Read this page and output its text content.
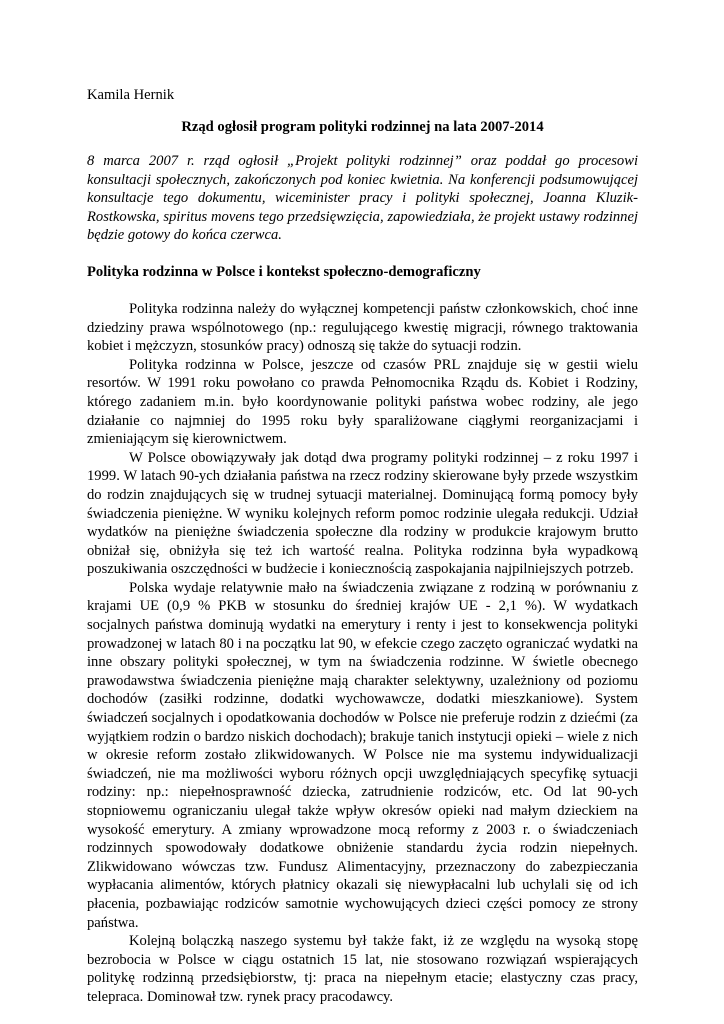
Kamila Hernik

Rząd ogłosił program polityki rodzinnej na lata 2007-2014

8 marca 2007 r. rząd ogłosił „Projekt polityki rodzinnej” oraz poddał go procesowi konsultacji społecznych, zakończonych pod koniec kwietnia. Na konferencji podsumowującej konsultacje tego dokumentu, wiceminister pracy i polityki społecznej, Joanna Kluzik-Rostkowska, spiritus movens tego przedsięwzięcia, zapowiedziała, że projekt ustawy rodzinnej będzie gotowy do końca czerwca.

Polityka rodzinna w Polsce i kontekst społeczno-demograficzny

Polityka rodzinna należy do wyłącznej kompetencji państw członkowskich, choć inne dziedziny prawa wspólnotowego (np.: regulującego kwestię migracji, równego traktowania kobiet i mężczyzn, stosunków pracy) odnoszą się także do sytuacji rodzin.

Polityka rodzinna w Polsce, jeszcze od czasów PRL znajduje się w gestii wielu resortów. W 1991 roku powołano co prawda Pełnomocnika Rządu ds. Kobiet i Rodziny, którego zadaniem m.in. było koordynowanie polityki państwa wobec rodziny, ale jego działanie co najmniej do 1995 roku były sparaliżowane ciągłymi reorganizacjami i zmieniającym się kierownictwem.

W Polsce obowiązywały jak dotąd dwa programy polityki rodzinnej – z roku 1997 i 1999. W latach 90-ych działania państwa na rzecz rodziny skierowane były przede wszystkim do rodzin znajdujących się w trudnej sytuacji materialnej. Dominującą formą pomocy były świadczenia pieniężne. W wyniku kolejnych reform pomoc rodzinie ulegała redukcji. Udział wydatków na pieniężne świadczenia społeczne dla rodziny w produkcie krajowym brutto obniżał się, obniżyła się też ich wartość realna. Polityka rodzinna była wypadkową poszukiwania oszczędności w budżecie i koniecznością zaspokajania najpilniejszych potrzeb.

Polska wydaje relatywnie mało na świadczenia związane z rodziną w porównaniu z krajami UE (0,9 % PKB w stosunku do średniej krajów UE - 2,1 %). W wydatkach socjalnych państwa dominują wydatki na emerytury i renty i jest to konsekwencja polityki prowadzonej w latach 80 i na początku lat 90, w efekcie czego zaczęto ograniczać wydatki na inne obszary polityki społecznej, w tym na świadczenia rodzinne. W świetle obecnego prawodawstwa świadczenia pieniężne mają charakter selektywny, uzależniony od poziomu dochodów (zasiłki rodzinne, dodatki wychowawcze, dodatki mieszkaniowe). System świadczeń socjalnych i opodatkowania dochodów w Polsce nie preferuje rodzin z dziećmi (za wyjątkiem rodzin o bardzo niskich dochodach); brakuje tanich instytucji opieki – wiele z nich w okresie reform zostało zlikwidowanych. W Polsce nie ma systemu indywidualizacji świadczeń, nie ma możliwości wyboru różnych opcji uwzględniających specyfikę sytuacji rodziny: np.: niepełnosprawność dziecka, zatrudnienie rodziców, etc. Od lat 90-ych stopniowemu ograniczaniu ulegał także wpływ okresów opieki nad małym dzieckiem na wysokość emerytury. A zmiany wprowadzone mocą reformy z 2003 r. o świadczeniach rodzinnych spowodowały dodatkowe obniżenie standardu życia rodzin niepełnych. Zlikwidowano wówczas tzw. Fundusz Alimentacyjny, przeznaczony do zabezpieczania wypłacania alimentów, których płatnicy okazali się niewypłacalni lub uchylali się od ich płacenia, pozbawiając rodziców samotnie wychowujących dzieci części pomocy ze strony państwa.

Kolejną bolączką naszego systemu był także fakt, iż ze względu na wysoką stopę bezrobocia w Polsce w ciągu ostatnich 15 lat, nie stosowano rozwiązań wspierających politykę rodzinną przedsiębiorstw, tj: praca na niepełnym etacie; elastyczny czas pracy, telepraca. Dominował tzw. rynek pracy pracodawcy.
